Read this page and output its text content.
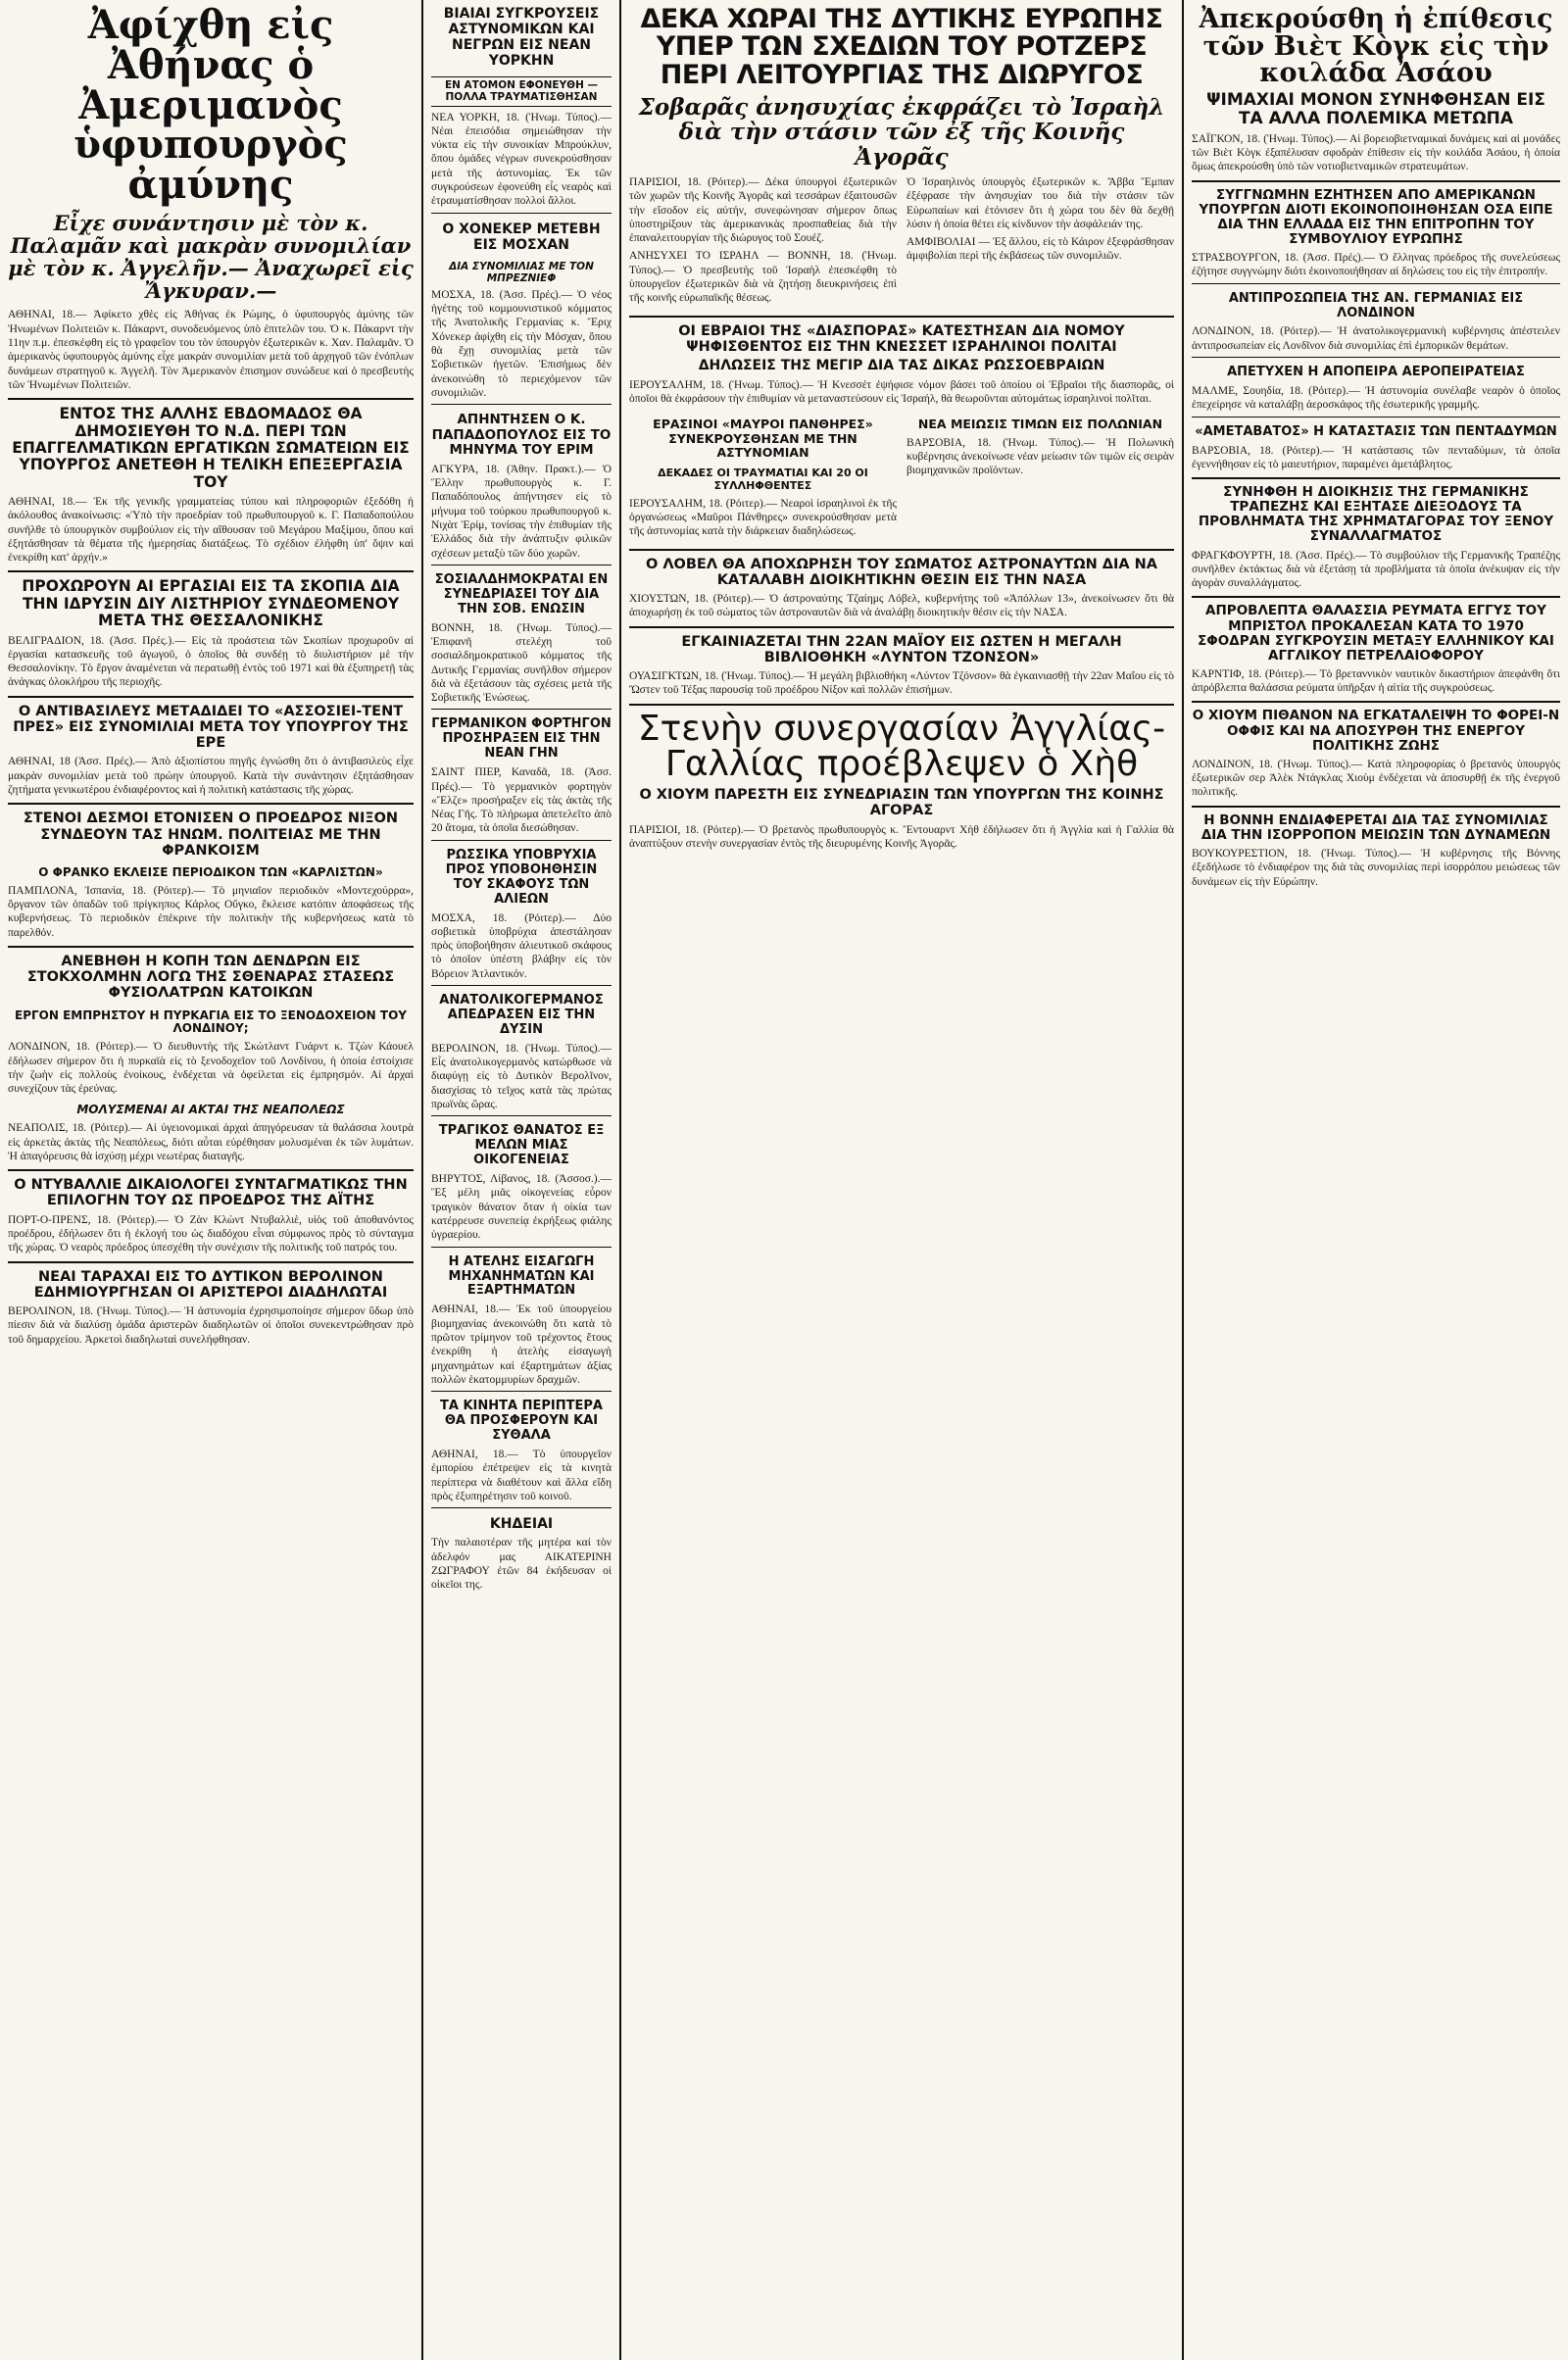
Ἀφίχθη εἰς Ἀθήνας ὁ Ἀμεριμανὸς ὑφυπουργὸς ἀμύνης
Εἶχε συνάντησιν μὲ τὸν κ. Παλαμᾶν καὶ μακρὰν συνομιλίαν μὲ τὸν κ. Ἀγγελῆν.— Ἀναχωρεῖ εἰς Ἄγκυραν.—

ΑΘΗΝΑΙ, 18.— Ἀφίκετο χθὲς εἰς Ἀθήνας ἐκ Ρώμης, ὁ ὑφυπουργὸς ἀμύνης τῶν Ἡνωμένων Πολιτειῶν κ. Πάκαρντ, συνοδευόμενος ὑπὸ ἐπιτελῶν του. Ὁ κ. Πάκαρντ τὴν 11ην π.μ. ἐπεσκέφθη εἰς τὸ γραφεῖον του τὸν ὑπουργὸν ἐξωτερικῶν κ. Χαν. Παλαμᾶν. Ὁ ἀμερικανὸς ὑφυπουργὸς ἀμύνης εἶχε μακρὰν συνομιλίαν μετὰ τοῦ ἀρχηγοῦ τῶν ἐνόπλων δυνάμεων στρατηγοῦ κ. Ἀγγελῆ. Τὸν Ἀμερικανὸν ἐπισημον συνώδευε καὶ ὁ πρεσβευτὴς τῶν Ἡνωμένων Πολιτειῶν.

ΕΝΤΟΣ ΤΗΣ ΑΛΛΗΣ ΕΒΔΟΜΑΔΟΣ ΘΑ ΔΗΜΟΣΙΕΥΘΗ ΤΟ Ν.Δ. ΠΕΡΙ ΤΩΝ ΕΠΑΓΓΕΛΜΑΤΙΚΩΝ ΕΡΓΑΤΙΚΩΝ ΣΩΜΑΤΕΙΩΝ ΕΙΣ ΥΠΟΥΡΓΟΣ ΑΝΕΤΕΘΗ Η ΤΕΛΙΚΗ ΕΠΕΞΕΡΓΑΣΙΑ ΤΟΥ

ΑΘΗΝΑΙ, 18.— Ἐκ τῆς γενικῆς γραμματείας τύπου καὶ πληροφοριῶν ἐξεδόθη ἡ ἀκόλουθος ἀνακοίνωσις: «Ὑπὸ τὴν προεδρίαν τοῦ πρωθυπουργοῦ κ. Γ. Παπαδοπούλου συνῆλθε τὸ ὑπουργικὸν συμβούλιον εἰς τὴν αἴθουσαν τοῦ Μεγάρου Μαξίμου, ὅπου καὶ ἐξητάσθησαν τὰ θέματα τῆς ἡμερησίας διατάξεως. Τὸ σχέδιον ἐλήφθη ὑπ' ὄψιν καὶ ἐνεκρίθη κατ' ἀρχήν.»

ΠΡΟΧΩΡΟΥΝ ΑΙ ΕΡΓΑΣΙΑΙ ΕΙΣ ΤΑ ΣΚΟΠΙΑ ΔΙΑ ΤΗΝ ΙΔΡΥΣΙΝ ΔΙΥ ΛΙΣΤΗΡΙΟΥ ΣΥΝΔΕΟΜΕΝΟΥ ΜΕΤΑ ΤΗΣ ΘΕΣΣΑΛΟΝΙΚΗΣ

ΒΕΛΙΓΡΑΔΙΟΝ, 18. (Ἀσσ. Πρές.).— Εἰς τὰ προάστεια τῶν Σκοπίων προχωροῦν αἱ ἐργασίαι κατασκευῆς τοῦ ἀγωγοῦ, ὁ ὁποῖος θὰ συνδέῃ τὸ διυλιστήριον μὲ τὴν Θεσσαλονίκην. Τὸ ἔργον ἀναμένεται νὰ περατωθῇ ἐντὸς τοῦ 1971 καὶ θὰ ἐξυπηρετῇ τὰς ἀνάγκας ὁλοκλήρου τῆς περιοχῆς.

Ο ΑΝΤΙΒΑΣΙΛΕΥΣ ΜΕΤΑΔΙΔΕΙ ΤΟ «ΑΣΣΟΣΙΕΙ-ΤΕΝΤ ΠΡΕΣ» ΕΙΣ ΣΥΝΟΜΙΛΙΑΙ ΜΕΤΑ ΤΟΥ ΥΠΟΥΡΓΟΥ ΤΗΣ ΕΡΕ

ΑΘΗΝΑΙ, 18 (Ἀσσ. Πρές).— Ἀπὸ ἀξιοπίστου πηγῆς ἐγνώσθη ὅτι ὁ ἀντιβασιλεὺς εἶχε μακρὰν συνομιλίαν μετὰ τοῦ πρώην ὑπουργοῦ. Κατὰ τὴν συνάντησιν ἐξητάσθησαν ζητήματα γενικωτέρου ἐνδιαφέροντος καὶ ἡ πολιτικὴ κατάστασις τῆς χώρας.

ΣΤΕΝΟΙ ΔΕΣΜΟΙ ΕΤΟΝΙΣΕΝ Ο ΠΡΟΕΔΡΟΣ ΝΙΞΟΝ ΣΥΝΔΕΟΥΝ ΤΑΣ ΗΝΩΜ. ΠΟΛΙΤΕΙΑΣ ΜΕ ΤΗΝ ΦΡΑΝΚΟΙΣΜ
Ο ΦΡΑΝΚΟ ΕΚΛΕΙΣΕ ΠΕΡΙΟΔΙΚΟΝ ΤΩΝ «ΚΑΡΛΙΣΤΩΝ»

ΠΑΜΠΛΟΝΑ, Ἰσπανία, 18. (Ρόιτερ).— Τὸ μηνιαῖον περιοδικὸν «Μοντεχούρρα», ὄργανον τῶν ὀπαδῶν τοῦ πρίγκηπος Κάρλος Οὔγκο, ἔκλεισε κατόπιν ἀποφάσεως τῆς κυβερνήσεως. Τὸ περιοδικὸν ἐπέκρινε τὴν πολιτικὴν τῆς κυβερνήσεως κατὰ τὸ παρελθόν.

ΑΝΕΒΗΘΗ Η ΚΟΠΗ ΤΩΝ ΔΕΝΔΡΩΝ ΕΙΣ ΣΤΟΚΧΟΛΜΗΝ ΛΟΓΩ ΤΗΣ ΣΘΕΝΑΡΑΣ ΣΤΑΣΕΩΣ ΦΥΣΙΟΛΑΤΡΩΝ ΚΑΤΟΙΚΩΝ
ΕΡΓΟΝ ΕΜΠΡΗΣΤΟΥ Η ΠΥΡΚΑΓΙΑ ΕΙΣ ΤΟ ΞΕΝΟΔΟΧΕΙΟΝ ΤΟΥ ΛΟΝΔΙΝΟΥ;

ΛΟΝΔΙΝΟΝ, 18. (Ρόιτερ).— Ὁ διευθυντὴς τῆς Σκώτλαντ Γυάρντ κ. Τζὼν Κάουελ ἐδήλωσεν σήμερον ὅτι ἡ πυρκαϊὰ εἰς τὸ ξενοδοχεῖον τοῦ Λονδίνου, ἡ ὁποία ἐστοίχισε τὴν ζωὴν εἰς πολλοὺς ἐνοίκους, ἐνδέχεται νὰ ὀφείλεται εἰς ἐμπρησμόν. Αἱ ἀρχαὶ συνεχίζουν τὰς ἐρεύνας.

ΜΟΛΥΣΜΕΝΑΙ ΑΙ ΑΚΤΑΙ ΤΗΣ ΝΕΑΠΟΛΕΩΣ

ΝΕΑΠΟΛΙΣ, 18. (Ρόιτερ).— Αἱ ὑγειονομικαὶ ἀρχαὶ ἀπηγόρευσαν τὰ θαλάσσια λουτρὰ εἰς ἀρκετὰς ἀκτὰς τῆς Νεαπόλεως, διότι αὗται εὑρέθησαν μολυσμέναι ἐκ τῶν λυμάτων. Ἡ ἀπαγόρευσις θὰ ἰσχύσῃ μέχρι νεωτέρας διαταγῆς.

Ο ΝΤΥΒΑΛΛΙΕ ΔΙΚΑΙΟΛΟΓΕΙ ΣΥΝΤΑΓΜΑΤΙΚΩΣ ΤΗΝ ΕΠΙΛΟΓΗΝ ΤΟΥ ΩΣ ΠΡΟΕΔΡΟΣ ΤΗΣ ΑΪΤΗΣ

ΠΟΡΤ-Ο-ΠΡΕΝΣ, 18. (Ρόιτερ).— Ὁ Ζὰν Κλὼντ Ντυβαλλιὲ, υἱὸς τοῦ ἀποθανόντος προέδρου, ἐδήλωσεν ὅτι ἡ ἐκλογή του ὡς διαδόχου εἶναι σύμφωνος πρὸς τὸ σύνταγμα τῆς χώρας. Ὁ νεαρὸς πρόεδρος ὑπεσχέθη τὴν συνέχισιν τῆς πολιτικῆς τοῦ πατρός του.

ΝΕΑΙ ΤΑΡΑΧΑΙ ΕΙΣ ΤΟ ΔΥΤΙΚΟΝ ΒΕΡΟΛΙΝΟΝ ΕΔΗΜΙΟΥΡΓΗΣΑΝ ΟΙ ΑΡΙΣΤΕΡΟΙ ΔΙΑΔΗΛΩΤΑΙ

ΒΕΡΟΛΙΝΟΝ, 18. (Ἡνωμ. Τύπος).— Ἡ ἀστυνομία ἐχρησιμοποίησε σήμερον ὕδωρ ὑπὸ πίεσιν διὰ νὰ διαλύσῃ ὁμάδα ἀριστερῶν διαδηλωτῶν οἱ ὁποῖοι συνεκεντρώθησαν πρὸ τοῦ δημαρχείου. Ἀρκετοὶ διαδηλωταὶ συνελήφθησαν.

ΒΙΑΙΑΙ ΣΥΓΚΡΟΥΣΕΙΣ ΑΣΤΥΝΟΜΙΚΩΝ ΚΑΙ ΝΕΓΡΩΝ ΕΙΣ ΝΕΑΝ ΥΟΡΚΗΝ
ΕΝ ΑΤΟΜΟΝ ΕΦΟΝΕΥΘΗ — ΠΟΛΛΑ ΤΡΑΥΜΑΤΙΣΘΗΣΑΝ

ΝΕΑ ΥΟΡΚΗ, 18. (Ἡνωμ. Τύπος).— Νέαι ἐπεισόδια σημειώθησαν τὴν νύκτα εἰς τὴν συνοικίαν Μπρούκλυν, ὅπου ὁμάδες νέγρων συνεκρούσθησαν μετὰ τῆς ἀστυνομίας. Ἐκ τῶν συγκρούσεων ἐφονεύθη εἷς νεαρὸς καὶ ἐτραυματίσθησαν πολλοὶ ἄλλοι.

Ο ΧΟΝΕΚΕΡ ΜΕΤΕΒΗ ΕΙΣ ΜΟΣΧΑΝ
ΔΙΑ ΣΥΝΟΜΙΛΙΑΣ ΜΕ ΤΟΝ ΜΠΡΕΖΝΙΕΦ

ΜΟΣΧΑ, 18. (Ἀσσ. Πρές).— Ὁ νέος ἡγέτης τοῦ κομμουνιστικοῦ κόμματος τῆς Ἀνατολικῆς Γερμανίας κ. Ἔριχ Χόνεκερ ἀφίχθη εἰς τὴν Μόσχαν, ὅπου θὰ ἔχῃ συνομιλίας μετὰ τῶν Σοβιετικῶν ἡγετῶν. Ἐπισήμως δὲν ἀνεκοινώθη τὸ περιεχόμενον τῶν συνομιλιῶν.

ΑΠΗΝΤΗΣΕΝ Ο Κ. ΠΑΠΑΔΟΠΟΥΛΟΣ ΕΙΣ ΤΟ ΜΗΝΥΜΑ ΤΟΥ ΕΡΙΜ

ΑΓΚΥΡΑ, 18. (Ἀθην. Πρακτ.).— Ὁ Ἕλλην πρωθυπουργὸς κ. Γ. Παπαδόπουλος ἀπήντησεν εἰς τὸ μήνυμα τοῦ τούρκου πρωθυπουργοῦ κ. Νιχὰτ Ἐρίμ, τονίσας τὴν ἐπιθυμίαν τῆς Ἑλλάδος διὰ τὴν ἀνάπτυξιν φιλικῶν σχέσεων μεταξὺ τῶν δύο χωρῶν.

ΣΟΣΙΑΛΔΗΜΟΚΡΑΤΑΙ ΕΝ ΣΥΝΕΔΡΙΑΣΕΙ ΤΟΥ ΔΙΑ ΤΗΝ ΣΟΒ. ΕΝΩΣΙΝ

ΒΟΝΝΗ, 18. (Ἡνωμ. Τύπος).— Ἐπιφανῆ στελέχη τοῦ σοσιαλδημοκρατικοῦ κόμματος τῆς Δυτικῆς Γερμανίας συνῆλθον σήμερον διὰ νὰ ἐξετάσουν τὰς σχέσεις μετὰ τῆς Σοβιετικῆς Ἑνώσεως.

ΓΕΡΜΑΝΙΚΟΝ ΦΟΡΤΗΓΟΝ ΠΡΟΣΗΡΑΞΕΝ ΕΙΣ ΤΗΝ ΝΕΑΝ ΓΗΝ

ΣΑΙΝΤ ΠΙΕΡ, Καναδᾶ, 18. (Ἀσσ. Πρές).— Τὸ γερμανικὸν φορτηγὸν «Ἔλζε» προσήραξεν εἰς τὰς ἀκτὰς τῆς Νέας Γῆς. Τὸ πλήρωμα ἀπετελεῖτο ἀπὸ 20 ἄτομα, τὰ ὁποῖα διεσώθησαν.

ΡΩΣΣΙΚΑ ΥΠΟΒΡΥΧΙΑ ΠΡΟΣ ΥΠΟΒΟΗΘΗΣΙΝ ΤΟΥ ΣΚΑΦΟΥΣ ΤΩΝ ΑΛΙΕΩΝ

ΜΟΣΧΑ, 18. (Ρόιτερ).— Δύο σοβιετικὰ ὑποβρύχια ἀπεστάλησαν πρὸς ὑποβοήθησιν ἁλιευτικοῦ σκάφους τὸ ὁποῖον ὑπέστη βλάβην εἰς τὸν Βόρειον Ἀτλαντικόν.

ΑΝΑΤΟΛΙΚΟΓΕΡΜΑΝΟΣ ΑΠΕΔΡΑΣΕΝ ΕΙΣ ΤΗΝ ΔΥΣΙΝ

ΒΕΡΟΛΙΝΟΝ, 18. (Ἡνωμ. Τύπος).— Εἷς ἀνατολικογερμανὸς κατώρθωσε νὰ διαφύγῃ εἰς τὸ Δυτικὸν Βερολῖνον, διασχίσας τὸ τεῖχος κατὰ τὰς πρώτας πρωϊνὰς ὥρας.

ΤΡΑΓΙΚΟΣ ΘΑΝΑΤΟΣ ΕΞ ΜΕΛΩΝ ΜΙΑΣ ΟΙΚΟΓΕΝΕΙΑΣ

ΒΗΡΥΤΟΣ, Λίβανος, 18. (Ἀσσοσ.).— Ἓξ μέλη μιᾶς οἰκογενείας εὗρον τραγικὸν θάνατον ὅταν ἡ οἰκία των κατέρρευσε συνεπείᾳ ἐκρήξεως φιάλης ὑγραερίου.

Η ΑΤΕΛΗΣ ΕΙΣΑΓΩΓΗ ΜΗΧΑΝΗΜΑΤΩΝ ΚΑΙ ΕΞΑΡΤΗΜΑΤΩΝ

ΑΘΗΝΑΙ, 18.— Ἐκ τοῦ ὑπουργείου βιομηχανίας ἀνεκοινώθη ὅτι κατὰ τὸ πρῶτον τρίμηνον τοῦ τρέχοντος ἔτους ἐνεκρίθη ἡ ἀτελὴς εἰσαγωγὴ μηχανημάτων καὶ ἐξαρτημάτων ἀξίας πολλῶν ἑκατομμυρίων δραχμῶν.

ΤΑ ΚΙΝΗΤΑ ΠΕΡΙΠΤΕΡΑ ΘΑ ΠΡΟΣΦΕΡΟΥΝ ΚΑΙ ΣΥΘΑΛΑ

ΑΘΗΝΑΙ, 18.— Τὸ ὑπουργεῖον ἐμπορίου ἐπέτρεψεν εἰς τὰ κινητὰ περίπτερα νὰ διαθέτουν καὶ ἄλλα εἴδη πρὸς ἐξυπηρέτησιν τοῦ κοινοῦ.

ΚΗΔΕΙΑΙ

Τὴν παλαιοτέραν τῆς μητέρα καί τὸν ἀδελφόν μας ΑΙΚΑΤΕΡΙΝΗ ΖΩΓΡΑΦΟΥ ἐτῶν 84 ἐκήδευσαν οἱ οἰκεῖοι της.

ΔΕΚΑ ΧΩΡΑΙ ΤΗΣ ΔΥΤΙΚΗΣ ΕΥΡΩΠΗΣ ΥΠΕΡ ΤΩΝ ΣΧΕΔΙΩΝ ΤΟΥ ΡΟΤΖΕΡΣ ΠΕΡΙ ΛΕΙΤΟΥΡΓΙΑΣ ΤΗΣ ΔΙΩΡΥΓΟΣ
Σοβαρᾶς ἀνησυχίας ἐκφράζει τὸ Ἰσραὴλ διὰ τὴν στάσιν τῶν ἐξ τῆς Κοινῆς Ἀγορᾶς

ΠΑΡΙΣΙΟΙ, 18. (Ρόιτερ).— Δέκα ὑπουργοὶ ἐξωτερικῶν τῶν χωρῶν τῆς Κοινῆς Ἀγορᾶς καὶ τεσσάρων ἐξαιτουσῶν τὴν εἴσοδον εἰς αὐτήν, συνεφώνησαν σήμερον ὅπως ὑποστηρίξουν τὰς ἀμερικανικὰς προσπαθείας διὰ τὴν ἐπαναλειτουργίαν τῆς διώρυγος τοῦ Σουέζ.

ΑΝΗΣΥΧΕΙ ΤΟ ΙΣΡΑΗΛ — ΒΟΝΝΗ, 18. (Ἡνωμ. Τύπος).— Ὁ πρεσβευτὴς τοῦ Ἰσραὴλ ἐπεσκέφθη τὸ ὑπουργεῖον ἐξωτερικῶν διὰ νὰ ζητήσῃ διευκρινήσεις ἐπὶ τῆς κοινῆς εὐρωπαϊκῆς θέσεως.

Ὁ Ἰσραηλινὸς ὑπουργὸς ἐξωτερικῶν κ. Ἄββα Ἔμπαν ἐξέφρασε τὴν ἀνησυχίαν του διὰ τὴν στάσιν τῶν Εὐρωπαίων καὶ ἐτόνισεν ὅτι ἡ χώρα του δὲν θὰ δεχθῇ λύσιν ἡ ὁποία θέτει εἰς κίνδυνον τὴν ἀσφάλειάν της.

ΑΜΦΙΒΟΛΙΑΙ — Ἐξ ἄλλου, εἰς τὸ Κάιρον ἐξεφράσθησαν ἀμφιβολίαι περὶ τῆς ἐκβάσεως τῶν συνομιλιῶν.

ΟΙ ΕΒΡΑΙΟΙ ΤΗΣ «ΔΙΑΣΠΟΡΑΣ» ΚΑΤΕΣΤΗΣΑΝ ΔΙΑ ΝΟΜΟΥ ΨΗΦΙΣΘΕΝΤΟΣ ΕΙΣ ΤΗΝ ΚΝΕΣΣΕΤ ΙΣΡΑΗΛΙΝΟΙ ΠΟΛΙΤΑΙ
ΔΗΛΩΣΕΙΣ ΤΗΣ ΜΕΓΙΡ ΔΙΑ ΤΑΣ ΔΙΚΑΣ ΡΩΣΣΟΕΒΡΑΙΩΝ

ΙΕΡΟΥΣΑΛΗΜ, 18. (Ἡνωμ. Τύπος).— Ἡ Κνεσσέτ ἐψήφισε νόμον βάσει τοῦ ὁποίου οἱ Ἑβραῖοι τῆς διασπορᾶς, οἱ ὁποῖοι θὰ ἐκφράσουν τὴν ἐπιθυμίαν νὰ μεταναστεύσουν εἰς Ἰσραήλ, θὰ θεωροῦνται αὐτομάτως ἰσραηλινοὶ πολῖται.

ΕΡΑΣΙΝΟΙ «ΜΑΥΡΟΙ ΠΑΝΘΗΡΕΣ» ΣΥΝΕΚΡΟΥΣΘΗΣΑΝ ΜΕ ΤΗΝ ΑΣΤΥΝΟΜΙΑΝ
ΔΕΚΑΔΕΣ ΟΙ ΤΡΑΥΜΑΤΙΑΙ ΚΑΙ 20 ΟΙ ΣΥΛΛΗΦΘΕΝΤΕΣ

ΙΕΡΟΥΣΑΛΗΜ, 18. (Ρόιτερ).— Νεαροὶ ἰσραηλινοὶ ἐκ τῆς ὀργανώσεως «Μαῦροι Πάνθηρες» συνεκρούσθησαν μετὰ τῆς ἀστυνομίας κατὰ τὴν διάρκειαν διαδηλώσεως.

ΝΕΑ ΜΕΙΩΣΙΣ ΤΙΜΩΝ ΕΙΣ ΠΟΛΩΝΙΑΝ

ΒΑΡΣΟΒΙΑ, 18. (Ἡνωμ. Τύπος).— Ἡ Πολωνικὴ κυβέρνησις ἀνεκοίνωσε νέαν μείωσιν τῶν τιμῶν εἰς σειρὰν βιομηχανικῶν προϊόντων.

Ο ΛΟΒΕΛ ΘΑ ΑΠΟΧΩΡΗΣΗ ΤΟΥ ΣΩΜΑΤΟΣ ΑΣΤΡΟΝΑΥΤΩΝ ΔΙΑ ΝΑ ΚΑΤΑΛΑΒΗ ΔΙΟΙΚΗΤΙΚΗΝ ΘΕΣΙΝ ΕΙΣ ΤΗΝ ΝΑΣΑ

ΧΙΟΥΣΤΩΝ, 18. (Ρόιτερ).— Ὁ ἀστροναύτης Τζαίημς Λόβελ, κυβερνήτης τοῦ «Ἀπόλλων 13», ἀνεκοίνωσεν ὅτι θὰ ἀποχωρήσῃ ἐκ τοῦ σώματος τῶν ἀστροναυτῶν διὰ νὰ ἀναλάβῃ διοικητικὴν θέσιν εἰς τὴν ΝΑΣΑ.

ΕΓΚΑΙΝΙΑΖΕΤΑΙ ΤΗΝ 22ΑΝ ΜΑΪΟΥ ΕΙΣ ΩΣΤΕΝ Η ΜΕΓΑΛΗ ΒΙΒΛΙΟΘΗΚΗ «ΛΥΝΤΟΝ ΤΖΟΝΣΟΝ»

ΟΥΑΣΙΓΚΤΩΝ, 18. (Ἡνωμ. Τύπος).— Ἡ μεγάλη βιβλιοθήκη «Λύντον Τζόνσον» θὰ ἐγκαινιασθῇ τὴν 22αν Μαΐου εἰς τὸ Ὤστεν τοῦ Τέξας παρουσίᾳ τοῦ προέδρου Νίξον καὶ πολλῶν ἐπισήμων.

Στενὴν συνεργασίαν Ἀγγλίας-Γαλλίας προέβλεψεν ὁ Χὴθ
Ο ΧΙΟΥΜ ΠΑΡΕΣΤΗ ΕΙΣ ΣΥΝΕΔΡΙΑΣΙΝ ΤΩΝ ΥΠΟΥΡΓΩΝ ΤΗΣ ΚΟΙΝΗΣ ΑΓΟΡΑΣ

ΠΑΡΙΣΙΟΙ, 18. (Ρόιτερ).— Ὁ βρετανὸς πρωθυπουργὸς κ. Ἔντουαρντ Χὴθ ἐδήλωσεν ὅτι ἡ Ἀγγλία καὶ ἡ Γαλλία θὰ ἀναπτύξουν στενὴν συνεργασίαν ἐντὸς τῆς διευρυμένης Κοινῆς Ἀγορᾶς.

Ἀπεκρούσθη ἡ ἐπίθεσις τῶν Βιὲτ Κὸγκ εἰς τὴν κοιλάδα Ἀσάου
ΨΙΜΑΧΙΑΙ ΜΟΝΟΝ ΣΥΝΗΦΘΗΣΑΝ ΕΙΣ ΤΑ ΑΛΛΑ ΠΟΛΕΜΙΚΑ ΜΕΤΩΠΑ

ΣΑΪΓΚΟΝ, 18. (Ἡνωμ. Τύπος).— Αἱ βορειοβιετναμικαὶ δυνάμεις καὶ αἱ μονάδες τῶν Βιὲτ Κὸγκ ἐξαπέλυσαν σφοδρὰν ἐπίθεσιν εἰς τὴν κοιλάδα Ἀσάου, ἡ ὁποία ὅμως ἀπεκρούσθη ὑπὸ τῶν νοτιοβιετναμικῶν στρατευμάτων.

ΣΥΓΓΝΩΜΗΝ ΕΖΗΤΗΣΕΝ ΑΠΟ ΑΜΕΡΙΚΑΝΩΝ ΥΠΟΥΡΓΩΝ ΔΙΟΤΙ ΕΚΟΙΝΟΠΟΙΗΘΗΣΑΝ ΟΣΑ ΕΙΠΕ ΔΙΑ ΤΗΝ ΕΛΛΑΔΑ ΕΙΣ ΤΗΝ ΕΠΙΤΡΟΠΗΝ ΤΟΥ ΣΥΜΒΟΥΛΙΟΥ ΕΥΡΩΠΗΣ

ΣΤΡΑΣΒΟΥΡΓΟΝ, 18. (Ἀσσ. Πρές).— Ὁ ἔλληνας πρόεδρος τῆς συνελεύσεως ἐζήτησε συγγνώμην διότι ἐκοινοποιήθησαν αἱ δηλώσεις του εἰς τὴν ἐπιτροπήν.

ΑΝΤΙΠΡΟΣΩΠΕΙΑ ΤΗΣ ΑΝ. ΓΕΡΜΑΝΙΑΣ ΕΙΣ ΛΟΝΔΙΝΟΝ

ΛΟΝΔΙΝΟΝ, 18. (Ρόιτερ).— Ἡ ἀνατολικογερμανικὴ κυβέρνησις ἀπέστειλεν ἀντιπροσωπείαν εἰς Λονδῖνον διὰ συνομιλίας ἐπὶ ἐμπορικῶν θεμάτων.

ΑΠΕΤΥΧΕΝ Η ΑΠΟΠΕΙΡΑ ΑΕΡΟΠΕΙΡΑΤΕΙΑΣ

ΜΑΛΜΕ, Σουηδία, 18. (Ρόιτερ).— Ἡ ἀστυνομία συνέλαβε νεαρὸν ὁ ὁποῖος ἐπεχείρησε νὰ καταλάβῃ ἀεροσκάφος τῆς ἐσωτερικῆς γραμμῆς.

«ΑΜΕΤΑΒΑΤΟΣ» Η ΚΑΤΑΣΤΑΣΙΣ ΤΩΝ ΠΕΝΤΑΔΥΜΩΝ

ΒΑΡΣΟΒΙΑ, 18. (Ρόιτερ).— Ἡ κατάστασις τῶν πενταδύμων, τὰ ὁποῖα ἐγεννήθησαν εἰς τὸ μαιευτήριον, παραμένει ἀμετάβλητος.

ΣΥΝΗΦΘΗ Η ΔΙΟΙΚΗΣΙΣ ΤΗΣ ΓΕΡΜΑΝΙΚΗΣ ΤΡΑΠΕΖΗΣ ΚΑΙ ΕΞΗΤΑΣΕ ΔΙΕΞΟΔΟΥΣ ΤΑ ΠΡΟΒΛΗΜΑΤΑ ΤΗΣ ΧΡΗΜΑΤΑΓΟΡΑΣ ΤΟΥ ΞΕΝΟΥ ΣΥΝΑΛΛΑΓΜΑΤΟΣ

ΦΡΑΓΚΦΟΥΡΤΗ, 18. (Ἀσσ. Πρές).— Τὸ συμβούλιον τῆς Γερμανικῆς Τραπέζης συνῆλθεν ἐκτάκτως διὰ νὰ ἐξετάσῃ τὰ προβλήματα τὰ ὁποῖα ἀνέκυψαν εἰς τὴν ἀγορὰν συναλλάγματος.

ΑΠΡΟΒΛΕΠΤΑ ΘΑΛΑΣΣΙΑ ΡΕΥΜΑΤΑ ΕΓΓΥΣ ΤΟΥ ΜΠΡΙΣΤΟΛ ΠΡΟΚΑΛΕΣΑΝ ΚΑΤΑ ΤΟ 1970 ΣΦΟΔΡΑΝ ΣΥΓΚΡΟΥΣΙΝ ΜΕΤΑΞΥ ΕΛΛΗΝΙΚΟΥ ΚΑΙ ΑΓΓΛΙΚΟΥ ΠΕΤΡΕΛΑΙΟΦΟΡΟΥ

ΚΑΡΝΤΙΦ, 18. (Ρόιτερ).— Τὸ βρεταννικὸν ναυτικὸν δικαστήριον ἀπεφάνθη ὅτι ἀπρόβλεπτα θαλάσσια ρεύματα ὑπῆρξαν ἡ αἰτία τῆς συγκρούσεως.

Ο ΧΙΟΥΜ ΠΙΘΑΝΟΝ ΝΑ ΕΓΚΑΤΑΛΕΙΨΗ ΤΟ ΦΟΡΕΙ-Ν ΟΦΦΙΣ ΚΑΙ ΝΑ ΑΠΟΣΥΡΘΗ ΤΗΣ ΕΝΕΡΓΟΥ ΠΟΛΙΤΙΚΗΣ ΖΩΗΣ

ΛΟΝΔΙΝΟΝ, 18. (Ἡνωμ. Τύπος).— Κατὰ πληροφορίας ὁ βρετανὸς ὑπουργὸς ἐξωτερικῶν σερ Ἀλὲκ Ντάγκλας Χιοὺμ ἐνδέχεται νὰ ἀποσυρθῇ ἐκ τῆς ἐνεργοῦ πολιτικῆς.

Η ΒΟΝΝΗ ΕΝΔΙΑΦΕΡΕΤΑΙ ΔΙΑ ΤΑΣ ΣΥΝΟΜΙΛΙΑΣ ΔΙΑ ΤΗΝ ΙΣΟΡΡΟΠΟΝ ΜΕΙΩΣΙΝ ΤΩΝ ΔΥΝΑΜΕΩΝ

ΒΟΥΚΟΥΡΕΣΤΙΟΝ, 18. (Ἡνωμ. Τύπος).— Ἡ κυβέρνησις τῆς Βόννης ἐξεδήλωσε τὸ ἐνδιαφέρον της διὰ τὰς συνομιλίας περὶ ἰσορρόπου μειώσεως τῶν δυνάμεων εἰς τὴν Εὐρώπην.
